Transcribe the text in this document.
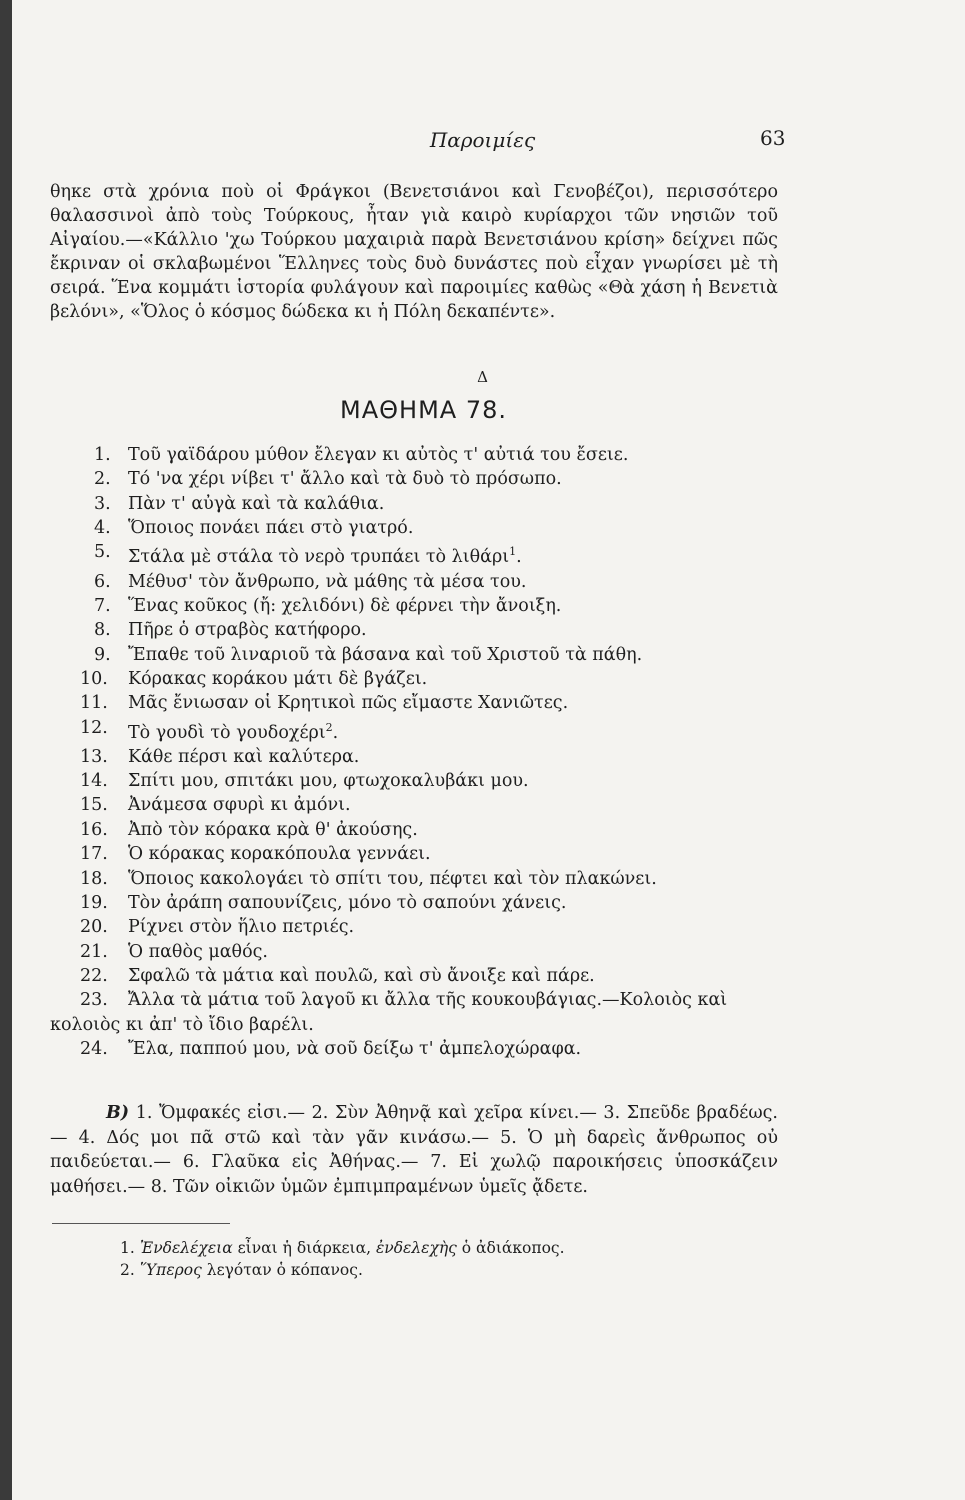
Παροιμίες	63
θηκε στὰ χρόνια ποὺ οἱ Φράγκοι (Βενετσιάνοι καὶ Γενοβέζοι), περισσότερο θαλασσινοὶ ἀπὸ τοὺς Τούρκους, ἦταν γιὰ καιρὸ κυρίαρχοι τῶν νησιῶν τοῦ Αἰγαίου.—«Κάλλιο 'χω Τούρκου μαχαιριὰ παρὰ Βενετσιάνου κρίση» δείχνει πῶς ἔκριναν οἱ σκλαβωμένοι Ἕλληνες τοὺς δυὸ δυνάστες ποὺ εἶχαν γνωρίσει μὲ τὴ σειρά. Ἕνα κομμάτι ἱστορία φυλάγουν καὶ παροιμίες καθὼς «Θὰ χάση ἡ Βενετιὰ βελόνι», «Ὅλος ὁ κόσμος δώδεκα κι ἡ Πόλη δεκαπέντε».
Δ
ΜΑΘΗΜΑ 78.
1. Τοῦ γαϊδάρου μύθον ἔλεγαν κι αὐτὸς τ' αὐτιά του ἔσειε.
2. Τό 'να χέρι νίβει τ' ἄλλο καὶ τὰ δυὸ τὸ πρόσωπο.
3. Πὰν τ' αὐγὰ καὶ τὰ καλάθια.
4. Ὅποιος πονάει πάει στὸ γιατρό.
5. Στάλα μὲ στάλα τὸ νερὸ τρυπάει τὸ λιθάρι$^1$.
6. Μέθυσ' τὸν ἄνθρωπο, νὰ μάθης τὰ μέσα του.
7. Ἕνας κοῦκος (ἤ: χελιδόνι) δὲ φέρνει τὴν ἄνοιξη.
8. Πῆρε ὁ στραβὸς κατήφορο.
9. Ἔπαθε τοῦ λιναριοῦ τὰ βάσανα καὶ τοῦ Χριστοῦ τὰ πάθη.
10. Κόρακας κοράκου μάτι δὲ βγάζει.
11. Μᾶς ἔνιωσαν οἱ Κρητικοὶ πῶς εἴμαστε Χανιῶτες.
12. Τὸ γουδὶ τὸ γουδοχέρι$^2$.
13. Κάθε πέρσι καὶ καλύτερα.
14. Σπίτι μου, σπιτάκι μου, φτωχοκαλυβάκι μου.
15. Ἀνάμεσα σφυρὶ κι ἀμόνι.
16. Ἀπὸ τὸν κόρακα κρὰ θ' ἀκούσης.
17. Ὁ κόρακας κορακόπουλα γεννάει.
18. Ὅποιος κακολογάει τὸ σπίτι του, πέφτει καὶ τὸν πλακώνει.
19. Τὸν ἀράπη σαπουνίζεις, μόνο τὸ σαπούνι χάνεις.
20. Ρίχνει στὸν ἥλιο πετριές.
21. Ὁ παθὸς μαθός.
22. Σφαλῶ τὰ μάτια καὶ πουλῶ, καὶ σὺ ἄνοιξε καὶ πάρε.
23. Ἄλλα τὰ μάτια τοῦ λαγοῦ κι ἄλλα τῆς κουκουβάγιας.—Κολοιὸς καὶ
κολοιὸς κι ἀπ' τὸ ἴδιο βαρέλι.
24. Ἔλα, παππού μου, νὰ σοῦ δείξω τ' ἀμπελοχώραφα.
Β) 1. Ὄμφακές εἰσι.— 2. Σὺν Ἀθηνᾷ καὶ χεῖρα κίνει.— 3. Σπεῦδε βραδέως.— 4. Δός μοι πᾶ στῶ καὶ τὰν γᾶν κινάσω.— 5. Ὁ μὴ δαρεὶς ἄνθρωπος οὐ παιδεύεται.— 6. Γλαῦκα εἰς Ἀθήνας.— 7. Εἰ χωλῷ παροικήσεις ὑποσκάζειν μαθήσει.— 8. Τῶν οἰκιῶν ὑμῶν ἐμπιμπραμένων ὑμεῖς ᾄδετε.
1. Ἐνδελέχεια εἶναι ἡ διάρκεια, ἐνδελεχὴς ὁ ἀδιάκοπος.
2. Ὕπερος λεγόταν ὁ κόπανος.
